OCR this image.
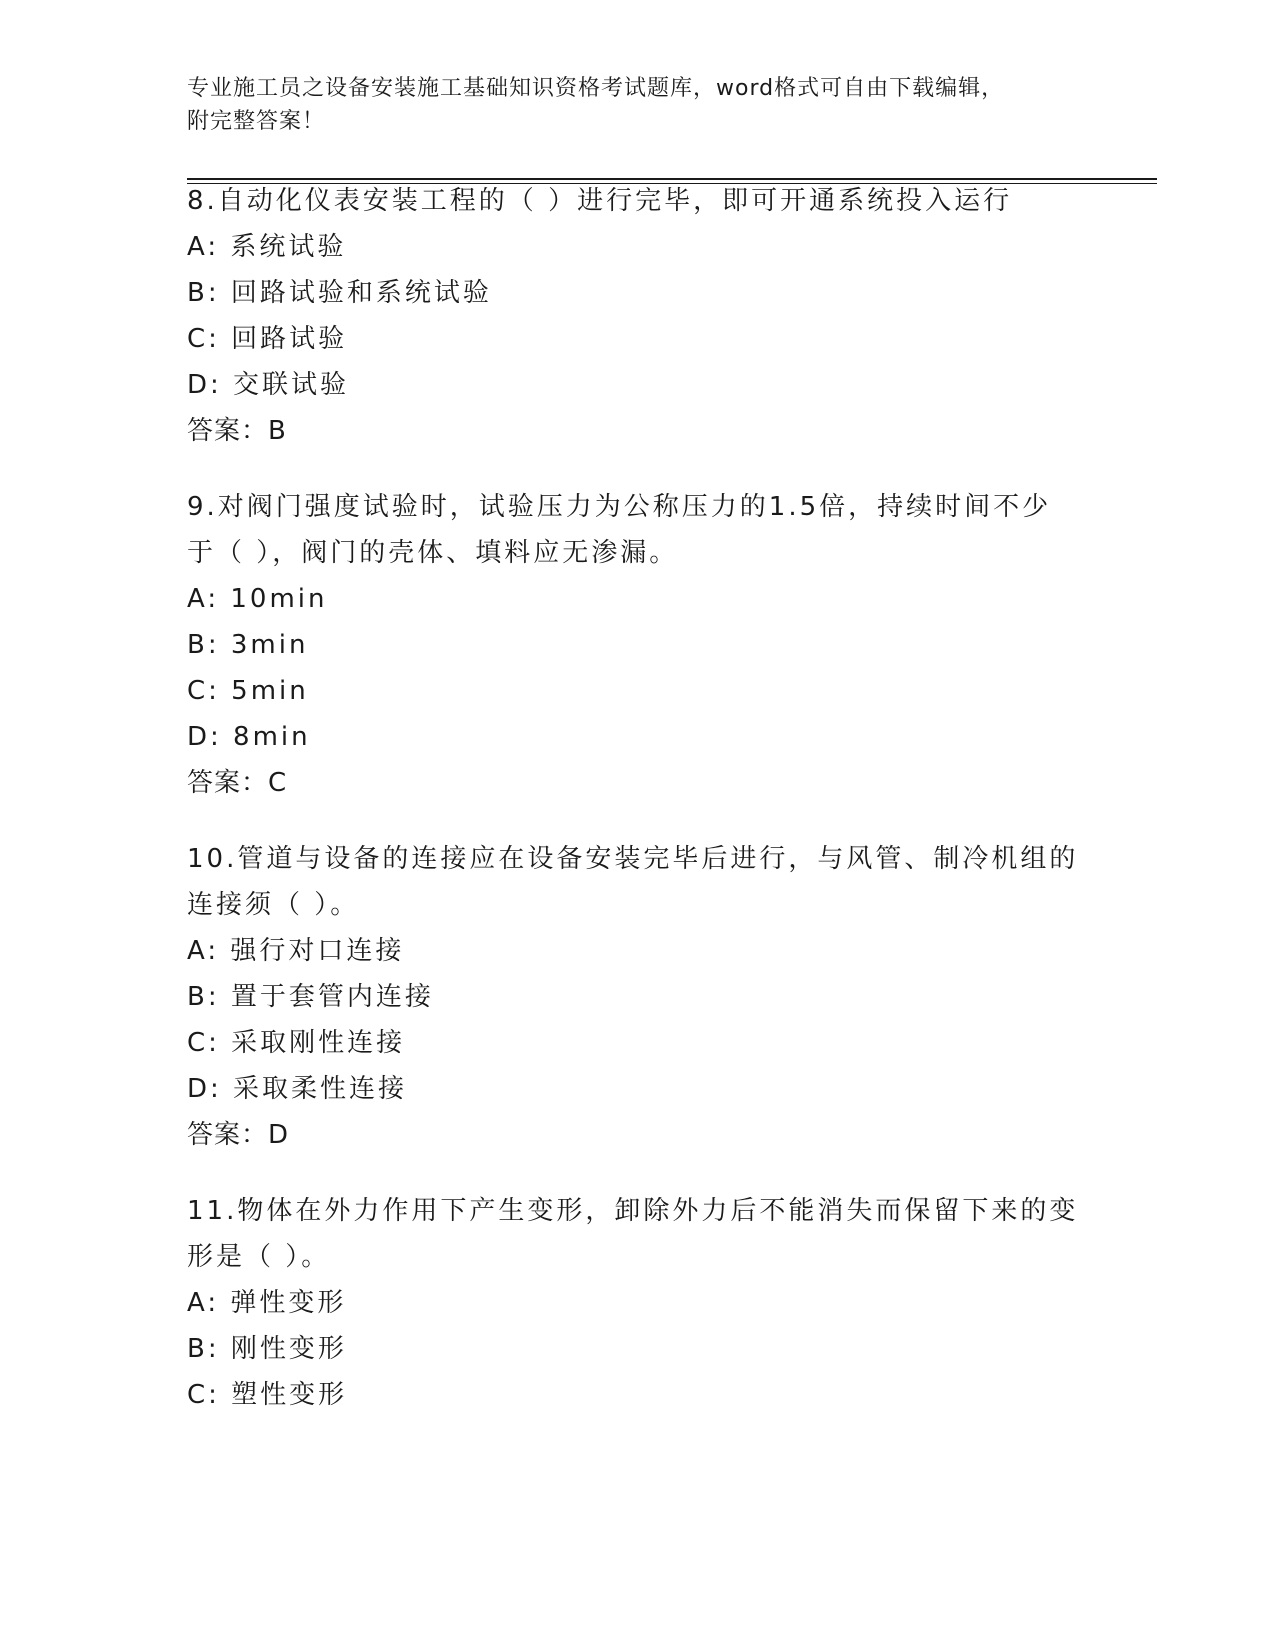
专业施工员之设备安装施工基础知识资格考试题库，word格式可自由下载编辑，
附完整答案！
8.自动化仪表安装工程的（ ）进行完毕，即可开通系统投入运行
A: 系统试验
B: 回路试验和系统试验
C: 回路试验
D: 交联试验
答案：B
9.对阀门强度试验时，试验压力为公称压力的1.5倍，持续时间不少
于（ ），阀门的壳体、填料应无渗漏。
A: 10min
B: 3min
C: 5min
D: 8min
答案：C
10.管道与设备的连接应在设备安装完毕后进行，与风管、制冷机组的
连接须（ ）。
A: 强行对口连接
B: 置于套管内连接
C: 采取刚性连接
D: 采取柔性连接
答案：D
11.物体在外力作用下产生变形，卸除外力后不能消失而保留下来的变
形是（ ）。
A: 弹性变形
B: 刚性变形
C: 塑性变形
